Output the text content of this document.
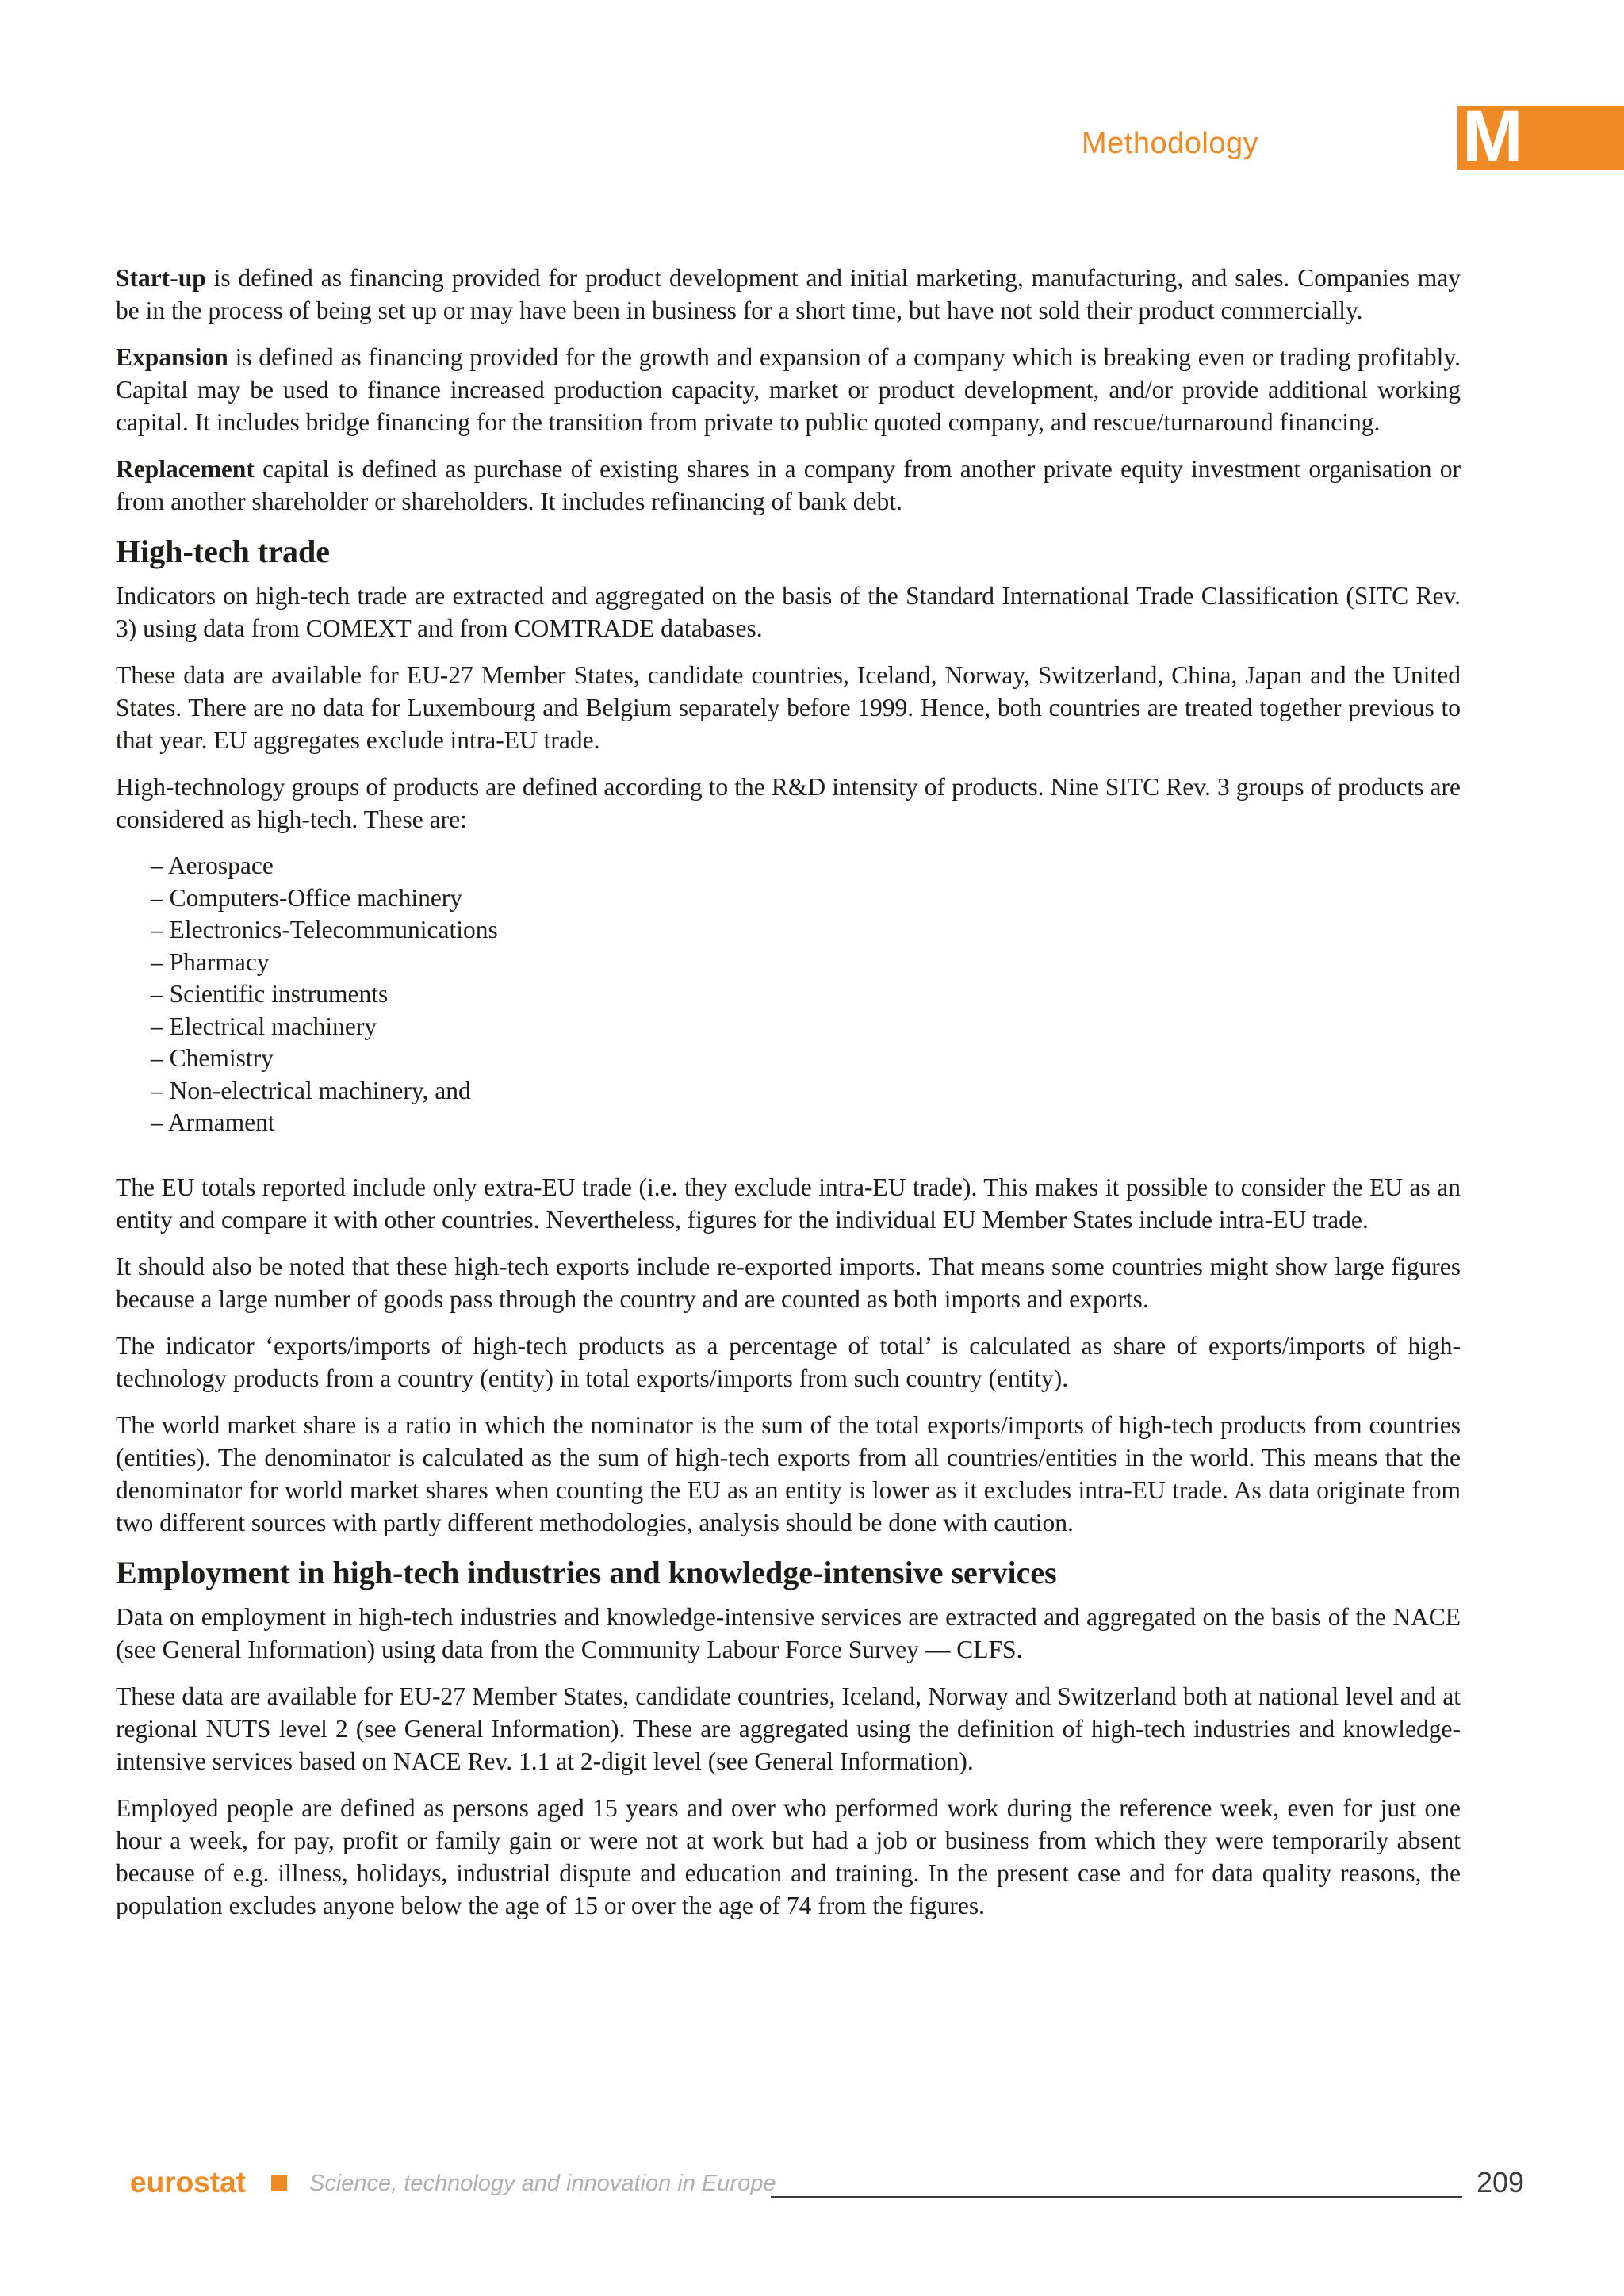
Methodology	M

Start-up is defined as financing provided for product development and initial marketing, manufacturing, and sales. Companies may be in the process of being set up or may have been in business for a short time, but have not sold their product commercially.

Expansion is defined as financing provided for the growth and expansion of a company which is breaking even or trading profitably. Capital may be used to finance increased production capacity, market or product development, and/or provide additional working capital. It includes bridge financing for the transition from private to public quoted company, and rescue/turnaround financing.

Replacement capital is defined as purchase of existing shares in a company from another private equity investment organisation or from another shareholder or shareholders. It includes refinancing of bank debt.

High-tech trade

Indicators on high-tech trade are extracted and aggregated on the basis of the Standard International Trade Classification (SITC Rev. 3) using data from COMEXT and from COMTRADE databases.

These data are available for EU-27 Member States, candidate countries, Iceland, Norway, Switzerland, China, Japan and the United States. There are no data for Luxembourg and Belgium separately before 1999. Hence, both countries are treated together previous to that year. EU aggregates exclude intra-EU trade.

High-technology groups of products are defined according to the R&D intensity of products. Nine SITC Rev. 3 groups of products are considered as high-tech. These are:

– Aerospace
– Computers-Office machinery
– Electronics-Telecommunications
– Pharmacy
– Scientific instruments
– Electrical machinery
– Chemistry
– Non-electrical machinery, and
– Armament

The EU totals reported include only extra-EU trade (i.e. they exclude intra-EU trade). This makes it possible to consider the EU as an entity and compare it with other countries. Nevertheless, figures for the individual EU Member States include intra-EU trade.

It should also be noted that these high-tech exports include re-exported imports. That means some countries might show large figures because a large number of goods pass through the country and are counted as both imports and exports.

The indicator ‘exports/imports of high-tech products as a percentage of total’ is calculated as share of exports/imports of high-technology products from a country (entity) in total exports/imports from such country (entity).

The world market share is a ratio in which the nominator is the sum of the total exports/imports of high-tech products from countries (entities). The denominator is calculated as the sum of high-tech exports from all countries/entities in the world. This means that the denominator for world market shares when counting the EU as an entity is lower as it excludes intra-EU trade. As data originate from two different sources with partly different methodologies, analysis should be done with caution.

Employment in high-tech industries and knowledge-intensive services

Data on employment in high-tech industries and knowledge-intensive services are extracted and aggregated on the basis of the NACE (see General Information) using data from the Community Labour Force Survey — CLFS.

These data are available for EU-27 Member States, candidate countries, Iceland, Norway and Switzerland both at national level and at regional NUTS level 2 (see General Information). These are aggregated using the definition of high-tech industries and knowledge-intensive services based on NACE Rev. 1.1 at 2-digit level (see General Information).

Employed people are defined as persons aged 15 years and over who performed work during the reference week, even for just one hour a week, for pay, profit or family gain or were not at work but had a job or business from which they were temporarily absent because of e.g. illness, holidays, industrial dispute and education and training. In the present case and for data quality reasons, the population excludes anyone below the age of 15 or over the age of 74 from the figures.

eurostat	Science, technology and innovation in Europe	209
